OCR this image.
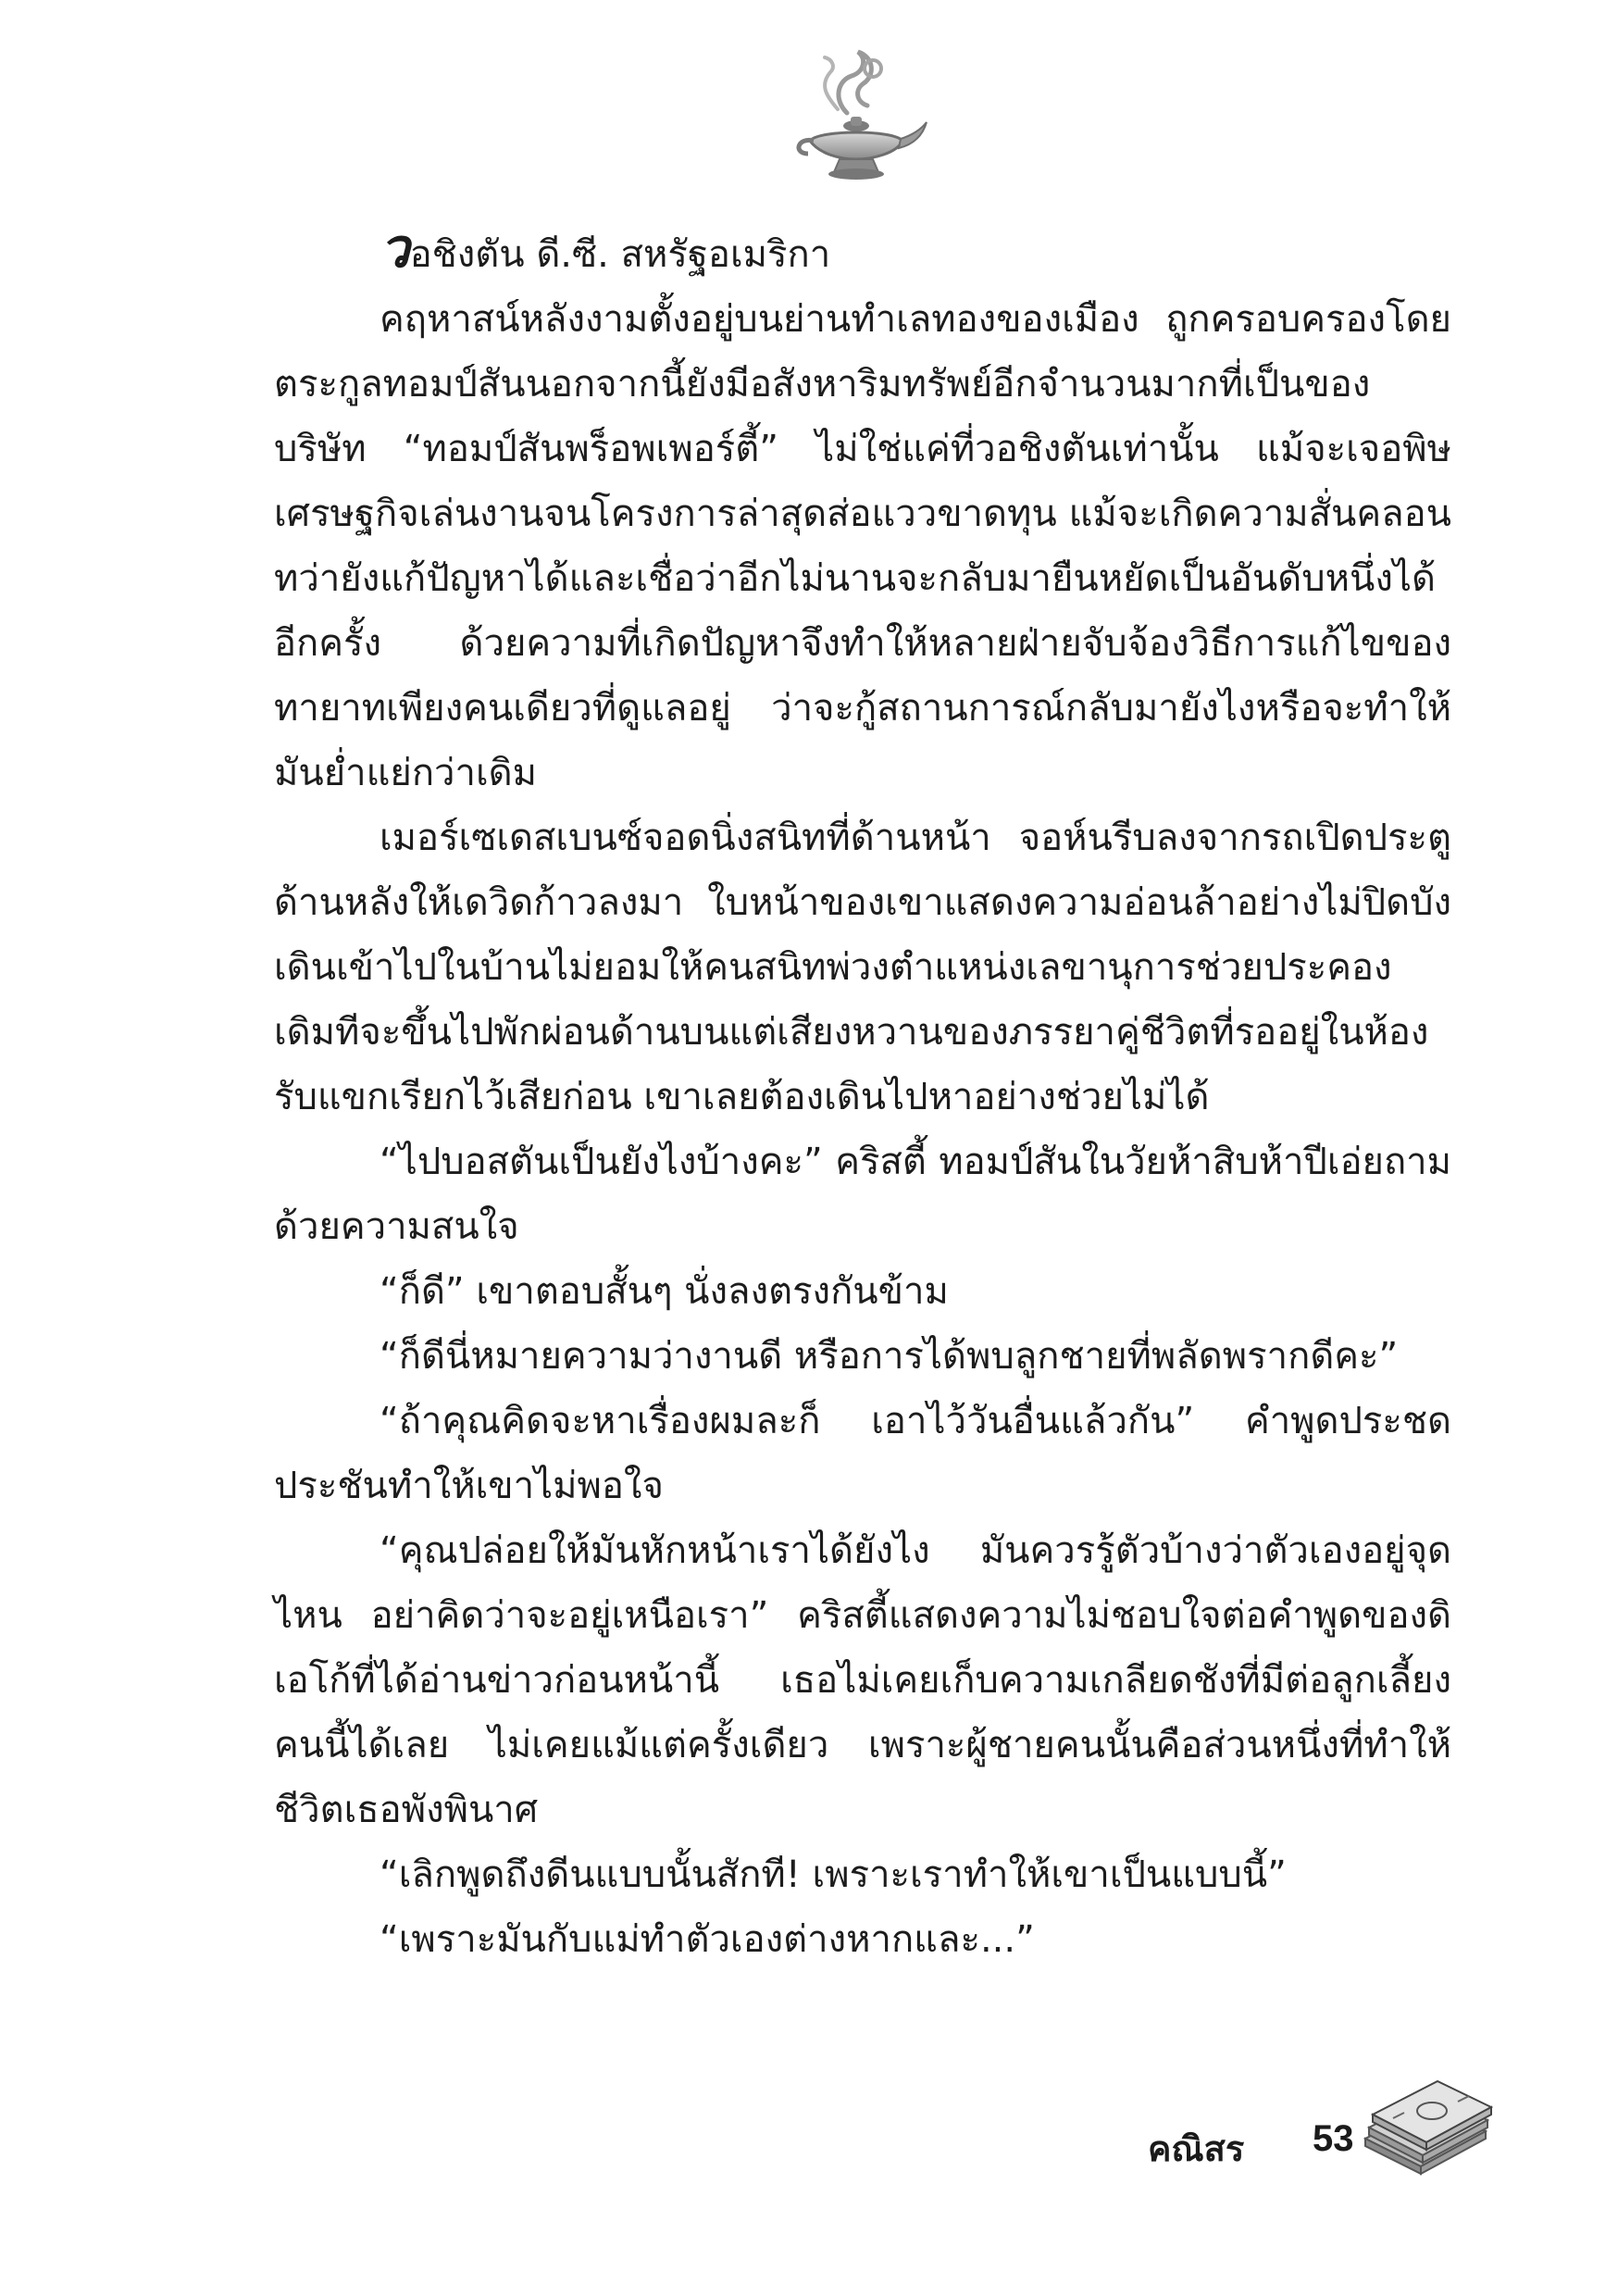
วอชิงตัน ดี.ซี. สหรัฐอเมริกา

คฤหาสน์หลังงามตั้งอยู่บนย่านทำเลทองของเมือง ถูกครอบครองโดยตระกูลทอมป์สันนอกจากนี้ยังมีอสังหาริมทรัพย์อีกจำนวนมากที่เป็นของบริษัท “ทอมป์สันพร็อพเพอร์ตี้” ไม่ใช่แค่ที่วอชิงตันเท่านั้น แม้จะเจอพิษเศรษฐกิจเล่นงานจนโครงการล่าสุดส่อแววขาดทุน แม้จะเกิดความสั่นคลอนทว่ายังแก้ปัญหาได้และเชื่อว่าอีกไม่นานจะกลับมายืนหยัดเป็นอันดับหนึ่งได้อีกครั้ง ด้วยความที่เกิดปัญหาจึงทำให้หลายฝ่ายจับจ้องวิธีการแก้ไขของทายาทเพียงคนเดียวที่ดูแลอยู่ ว่าจะกู้สถานการณ์กลับมายังไงหรือจะทำให้มันย่ำแย่กว่าเดิม

เมอร์เซเดสเบนซ์จอดนิ่งสนิทที่ด้านหน้า จอห์นรีบลงจากรถเปิดประตูด้านหลังให้เดวิดก้าวลงมา ใบหน้าของเขาแสดงความอ่อนล้าอย่างไม่ปิดบัง เดินเข้าไปในบ้านไม่ยอมให้คนสนิทพ่วงตำแหน่งเลขานุการช่วยประคอง เดิมทีจะขึ้นไปพักผ่อนด้านบนแต่เสียงหวานของภรรยาคู่ชีวิตที่รออยู่ในห้องรับแขกเรียกไว้เสียก่อน เขาเลยต้องเดินไปหาอย่างช่วยไม่ได้

“ไปบอสตันเป็นยังไงบ้างคะ” คริสตี้ ทอมป์สันในวัยห้าสิบห้าปีเอ่ยถามด้วยความสนใจ

“ก็ดี” เขาตอบสั้นๆ นั่งลงตรงกันข้าม

“ก็ดีนี่หมายความว่างานดี หรือการได้พบลูกชายที่พลัดพรากดีคะ”

“ถ้าคุณคิดจะหาเรื่องผมละก็ เอาไว้วันอื่นแล้วกัน” คำพูดประชดประชันทำให้เขาไม่พอใจ

“คุณปล่อยให้มันหักหน้าเราได้ยังไง มันควรรู้ตัวบ้างว่าตัวเองอยู่จุดไหน อย่าคิดว่าจะอยู่เหนือเรา” คริสตี้แสดงความไม่ชอบใจต่อคำพูดของดิเอโก้ที่ได้อ่านข่าวก่อนหน้านี้ เธอไม่เคยเก็บความเกลียดชังที่มีต่อลูกเลี้ยงคนนี้ได้เลย ไม่เคยแม้แต่ครั้งเดียว เพราะผู้ชายคนนั้นคือส่วนหนึ่งที่ทำให้ชีวิตเธอพังพินาศ

“เลิกพูดถึงดีนแบบนั้นสักที! เพราะเราทำให้เขาเป็นแบบนี้”

“เพราะมันกับแม่ทำตัวเองต่างหากและ...”

คณิสร 53
